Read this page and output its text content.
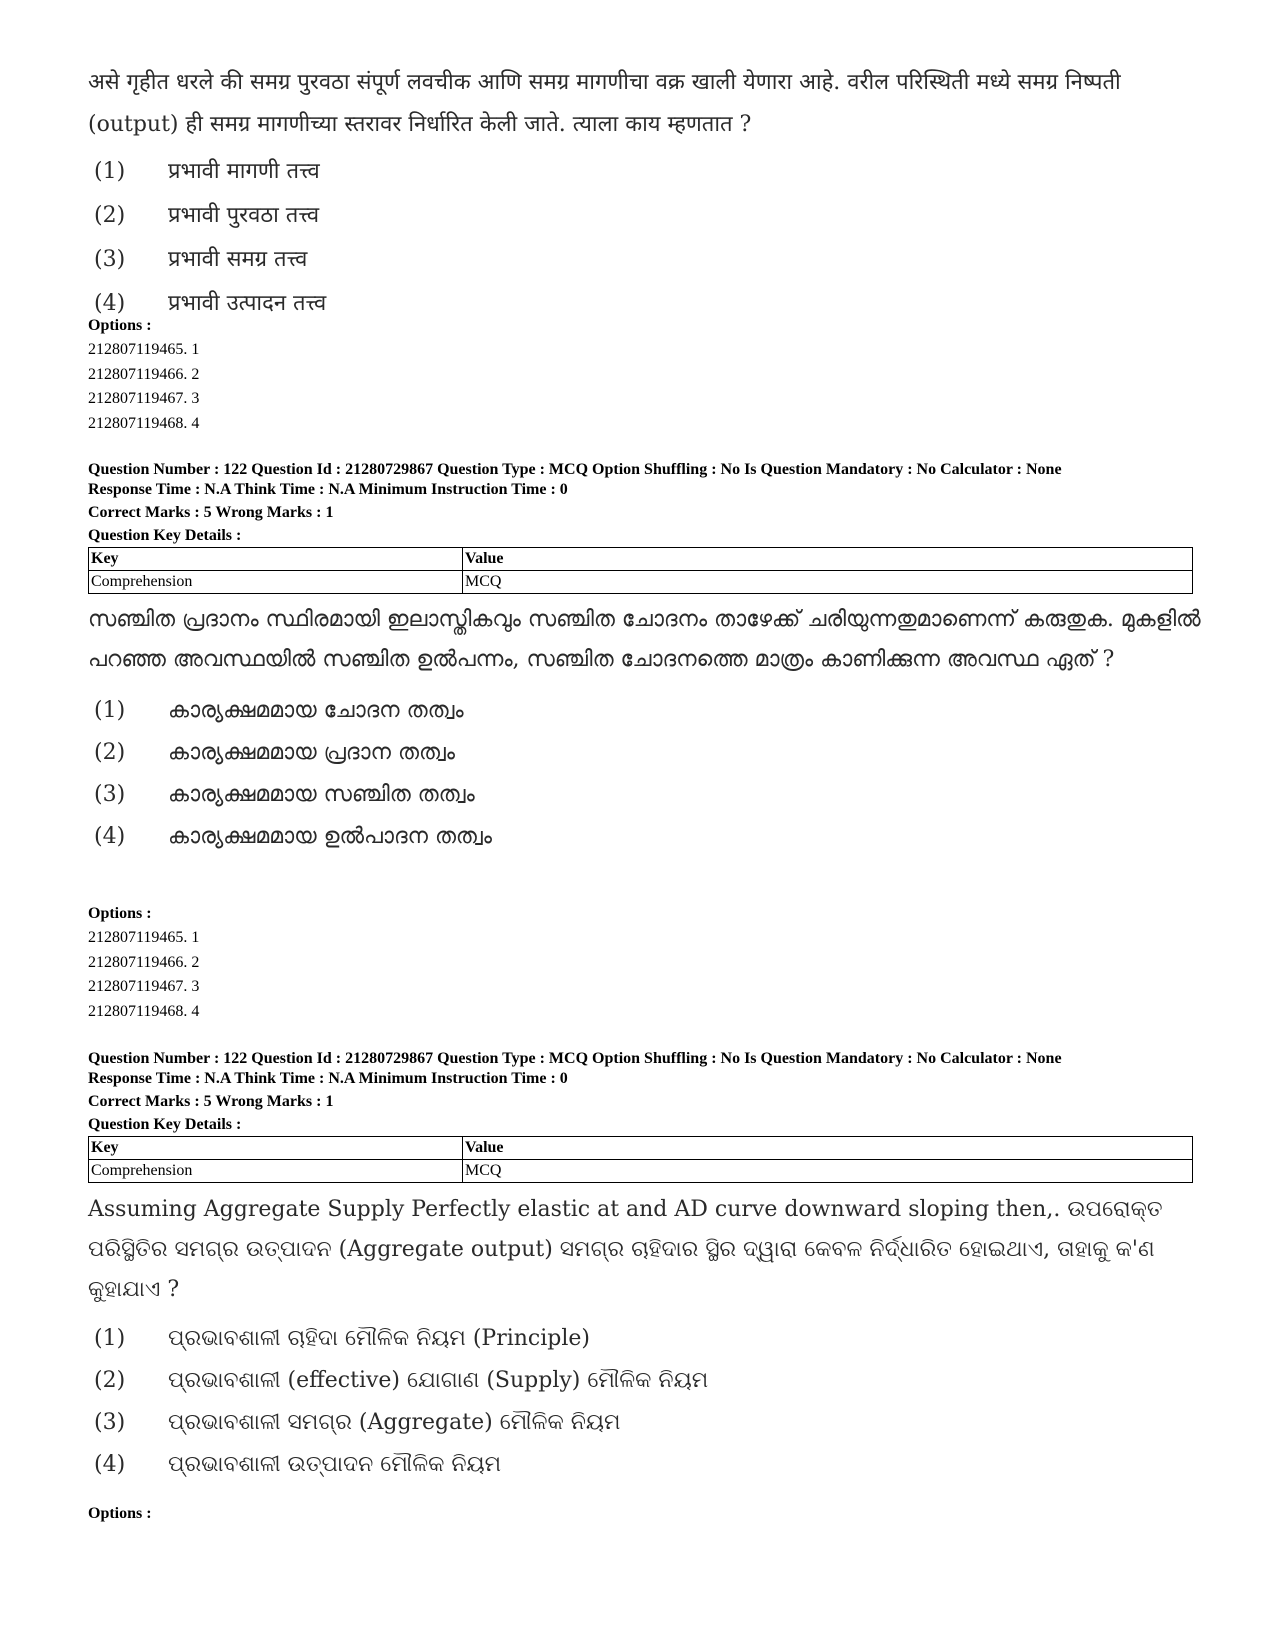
असे गृहीत धरले की समग्र पुरवठा संपूर्ण लवचीक आणि समग्र मागणीचा वक्र खाली येणारा आहे. वरील परिस्थिती मध्ये समग्र निष्पती (output) ही समग्र मागणीच्या स्तरावर निर्धारित केली जाते. त्याला काय म्हणतात ?

(1) प्रभावी मागणी तत्त्व
(2) प्रभावी पुरवठा तत्त्व
(3) प्रभावी समग्र तत्त्व
(4) प्रभावी उत्पादन तत्त्व
Options :
212807119465. 1
212807119466. 2
212807119467. 3
212807119468. 4
Question Number : 122 Question Id : 21280729867 Question Type : MCQ Option Shuffling : No Is Question Mandatory : No Calculator : None
Response Time : N.A Think Time : N.A Minimum Instruction Time : 0
Correct Marks : 5 Wrong Marks : 1
Question Key Details :
Key	Value
Comprehension	MCQ

സഞ്ചിത പ്രദാനം സ്ഥിരമായി ഇലാസ്തികവും സഞ്ചിത ചോദനം താഴേക്ക് ചരിയുന്നതുമാണെന്ന് കരുതുക. മുകളിൽ പറഞ്ഞ അവസ്ഥയിൽ സഞ്ചിത ഉൽപന്നം, സഞ്ചിത ചോദനത്തെ മാത്രം കാണിക്കുന്ന അവസ്ഥ ഏത് ?

(1) കാര്യക്ഷമമായ ചോദന തത്വം
(2) കാര്യക്ഷമമായ പ്രദാന തത്വം
(3) കാര്യക്ഷമമായ സഞ്ചിത തത്വം
(4) കാര്യക്ഷമമായ ഉൽപാദന തത്വം
Options :
212807119465. 1
212807119466. 2
212807119467. 3
212807119468. 4
Question Number : 122 Question Id : 21280729867 Question Type : MCQ Option Shuffling : No Is Question Mandatory : No Calculator : None
Response Time : N.A Think Time : N.A Minimum Instruction Time : 0
Correct Marks : 5 Wrong Marks : 1
Question Key Details :
Key	Value
Comprehension	MCQ

Assuming Aggregate Supply Perfectly elastic at and AD curve downward sloping then,. ଉପରୋକ୍ତ ପରିସ୍ଥିତିର ସମଗ୍ର ଉତ୍ପାଦନ (Aggregate output) ସମଗ୍ର ଚାହିଦାର ସ୍ଥିର ଦ୍ୱାରା କେବଳ ନିର୍ଦ୍ଧାରିତ ହୋଇଥାଏ, ତାହାକୁ କ'ଣ କୁହାଯାଏ ?

(1) ପ୍ରଭାବଶାଳୀ ଚାହିଦା ମୌଳିକ ନିୟମ (Principle)
(2) ପ୍ରଭାବଶାଳୀ (effective) ଯୋଗାଣ (Supply) ମୌଳିକ ନିୟମ
(3) ପ୍ରଭାବଶାଳୀ ସମଗ୍ର (Aggregate) ମୌଳିକ ନିୟମ
(4) ପ୍ରଭାବଶାଳୀ ଉତ୍ପାଦନ ମୌଳିକ ନିୟମ
Options :
